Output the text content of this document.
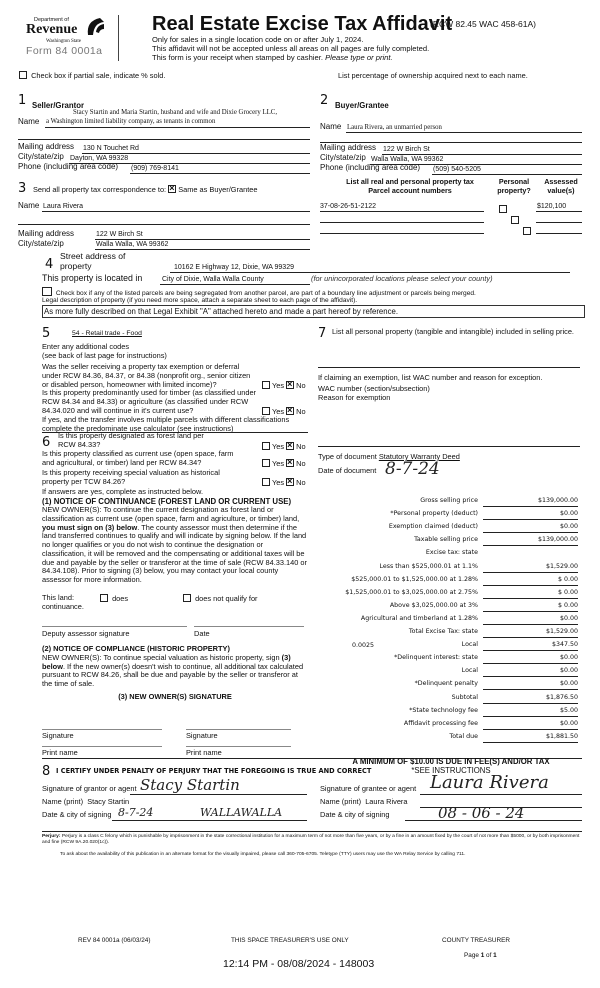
Department of
Revenue
Washington State
Form 84 0001a
Real Estate Excise Tax Affidavit
(RCW 82.45 WAC 458-61A)
Only for sales in a single location code on or after July 1, 2024.
This affidavit will not be accepted unless all areas on all pages are fully completed.
This form is your receipt when stamped by cashier. Please type or print.
Check box if partial sale, indicate % sold.	List percentage of ownership acquired next to each name.
1 Seller/Grantor
Stacy Startin and Maria Startin, husband and wife and Dixie Grocery LLC,
Name a Washington limited liability company, as tenants in common
Mailing address 130 N Touchet Rd
City/state/zip Dayton, WA 99328
Phone (including area code) (909) 769-8141
3 Send all property tax correspondence to: × Same as Buyer/Grantee
Name Laura Rivera
Mailing address	122 W Birch St
City/state/zip	Walla Walla, WA 99362
2 Buyer/Grantee
Name Laura Rivera, an unmarried person
Mailing address 122 W Birch St
City/state/zip Walla Walla, WA 99362
Phone (including area code) (509) 540-5205
List all real and personal property tax
Parcel account numbers
Personal
property?
Assessed
value(s)
37-08-26-51-2122	$120,100

4
Street address of
property	10162 E Highway 12, Dixie, WA 99329
This property is located in	City of Dixie, Walla Walla County	(for unincorporated locations please select your county)
Check box if any of the listed parcels are being segregated from another parcel, are part of a boundary line adjustment or parcels being merged.
Legal description of property (if you need more space, attach a separate sheet to each page of the affidavit).
As more fully described on that Legal Exhibit "A" attached hereto and made a part hereof by reference.
5	54 - Retail trade - Food
Enter any additional codes
(see back of last page for instructions)
Was the seller receiving a property tax exemption or deferral under RCW 84.36, 84.37, or 84.38 (nonprofit org., senior citizen or disabled person, homeowner with limited income)?	Yes × No
Is this property predominantly used for timber (as classified under RCW 84.34 and 84.33) or agriculture (as classified under RCW 84.34.020 and will continue in it's current use?	Yes × No
If yes, and the transfer involves multiple parcels with different classifications complete the predominate use calculator (see instructions)
6 Is this property designated as forest land per RCW 84.33?	Yes × No
Is this property classified as current use (open space, farm and agricultural, or timber) land per RCW 84.34?	Yes × No
Is this property receiving special valuation as historical property per TCW 84.26?	Yes × No
If answers are yes, complete as instructed below.
(1) NOTICE OF CONTINUANCE (FOREST LAND OR CURRENT USE)
NEW OWNER(S): To continue the current designation as forest land or classification as current use (open space, farm and agriculture, or timber) land, you must sign on (3) below. The county assessor must then determine if the land transferred continues to qualify and will indicate by signing below. If the land no longer qualifies or you do not wish to continue the designation or classification, it will be removed and the compensating or additional taxes will be due and payable by the seller or transferor at the time of sale (RCW 84.33.140 or 84.34.108). Prior to signing (3) below, you may contact your local county assessor for more information.
This land:	does	does not qualify for
continuance.
Deputy assessor signature	Date
(2) NOTICE OF COMPLIANCE (HISTORIC PROPERTY)
NEW OWNER(S): To continue special valuation as historic property, sign (3) below. If the new owner(s) doesn't wish to continue, all additional tax calculated pursuant to RCW 84.26, shall be due and payable by the seller or transferor at the time of sale.
(3) NEW OWNER(S) SIGNATURE
Signature	Signature
Print name	Print name
7 List all personal property (tangible and intangible) included in selling price.
If claiming an exemption, list WAC number and reason for exception.
WAC number (section/subsection)
Reason for exemption
Type of document Statutory Warranty Deed
Date of document 8-7-24
Gross selling price	$139,000.00
*Personal property (deduct)	$0.00
Exemption claimed (deduct)	$0.00
Taxable selling price	$139,000.00
Excise tax: state
Less than $525,000.01 at 1.1%	$1,529.00
$525,000.01 to $1,525,000.00 at 1.28%	$ 0.00
$1,525,000.01 to $3,025,000.00 at 2.75%	$ 0.00
Above $3,025,000.00 at 3%	$ 0.00
Agricultural and timberland at 1.28%	$0.00
Total Excise Tax: state	$1,529.00
Local	$347.50
*Delinquent interest: state	$0.00
Local	$0.00
*Delinquent penalty	$0.00
Subtotal	$1,876.50
*State technology fee	$5.00
Affidavit processing fee	$0.00
Total due	$1,881.50
0.0025
A MINIMUM OF $10.00 IS DUE IN FEE(S) AND/OR TAX
*SEE INSTRUCTIONS
8 I CERTIFY UNDER PENALTY OF PERJURY THAT THE FOREGOING IS TRUE AND CORRECT
Signature of grantor or agent Stacy Startin
Name (print) Stacy Startin
Date & city of signing 8-7-24	WALLAWALLA
Signature of grantee or agent Laura Rivera
Name (print) Laura Rivera
Date & city of signing	08 - 06 - 24
Perjury: Perjury is a class C felony which is punishable by imprisonment in the state correctional institution for a maximum term of not more than five years, or by a fine in an amount fixed by the court of not more than $5000, or by both imprisonment and fine (RCW 9A.20.020(1c)).
To ask about the availability of this publication in an alternate format for the visually impaired, please call 360-705-6705. Teletype (TTY) users may use the WA Relay Service by calling 711.
REV 84 0001a (06/03/24)	THIS SPACE TREASURER'S USE ONLY	COUNTY TREASURER
Page 1 of 1
12:14 PM - 08/08/2024 - 148003
